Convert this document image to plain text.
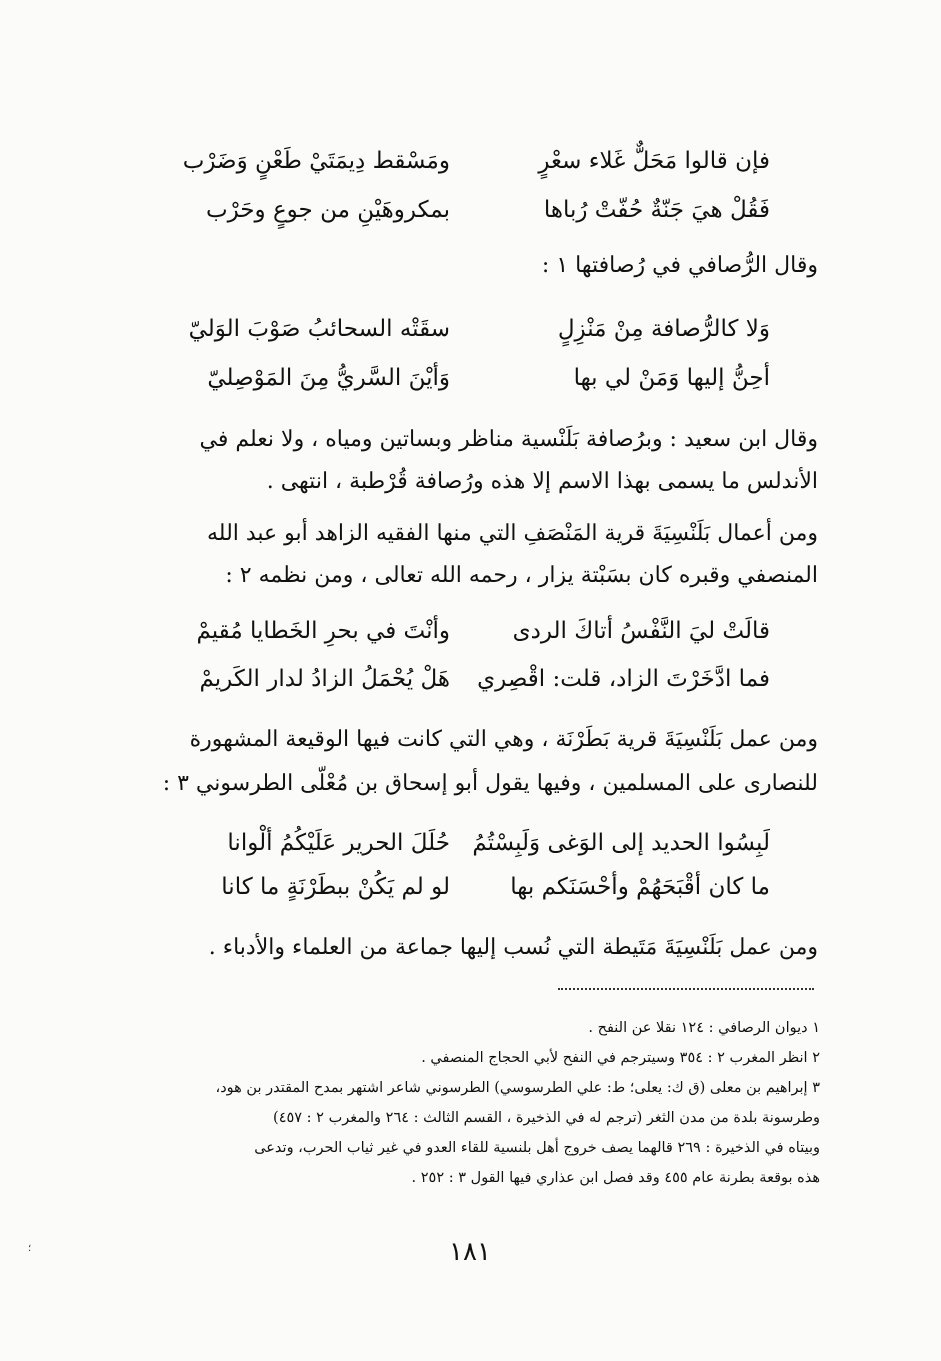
فإن قالوا مَحَلٌّ غَلاء سعْرٍ
ومَسْقط دِيمَتَيْ طَعْنٍ وَضَرْب
فَقُلْ هيَ جَنّةٌ حُفّتْ رُباها
بمكروهَيْنِ من جوعٍ وحَرْب
وقال الرُّصافي في رُصافتها ١ :
وَلا كالرُّصافة مِنْ مَنْزِلٍ
سقَتْه السحائبُ صَوْبَ الوَليّ
أحِنُّ إليها وَمَنْ لي بها
وَأيْنَ السَّريُّ مِنَ المَوْصِليّ
وقال ابن سعيد : وبرُصافة بَلَنْسية مناظر وبساتين ومياه ، ولا نعلم في
الأندلس ما يسمى بهذا الاسم إلا هذه ورُصافة قُرْطبة ، انتهى .
ومن أعمال بَلَنْسِيَةَ قرية المَنْصَفِ التي منها الفقيه الزاهد أبو عبد الله
المنصفي وقبره كان بسَبْتة يزار ، رحمه الله تعالى ، ومن نظمه ٢ :
قالَتْ ليَ النَّفْسُ أتاكَ الردى
وأنْتَ في بحرِ الخَطايا مُقيمْ
فما ادَّخَرْتَ الزاد، قلت: اقْصِري
هَلْ يُحْمَلُ الزادُ لدار الكَريمْ
ومن عمل بَلَنْسِيَةَ قرية بَطَرْنَة ، وهي التي كانت فيها الوقيعة المشهورة
للنصارى على المسلمين ، وفيها يقول أبو إسحاق بن مُعْلّى الطرسوني ٣ :
لَبِسُوا الحديد إلى الوَغى وَلَبِسْتُمُ
حُلَلَ الحرير عَلَيْكُمُ ألْوانا
ما كان أقْبَحَهُمْ وأحْسَنَكم بها
لو لم يَكُنْ ببطَرْنَةٍ ما كانا
ومن عمل بَلَنْسِيَةَ مَتَيطة التي نُسب إليها جماعة من العلماء والأدباء .
١ ديوان الرصافي : ١٢٤ نقلا عن النفح .
٢ انظر المغرب ٢ : ٣٥٤ وسيترجم في النفح لأبي الحجاج المنصفي .
٣ إبراهيم بن معلى (ق ك: يعلى؛ ط: علي الطرسوسي) الطرسوني شاعر اشتهر بمدح المقتدر بن هود،
وطرسونة بلدة من مدن الثغر (ترجم له في الذخيرة ، القسم الثالث : ٢٦٤ والمغرب ٢ : ٤٥٧)
وبيتاه في الذخيرة : ٢٦٩ قالهما يصف خروج أهل بلنسية للقاء العدو في غير ثياب الحرب، وتدعى
هذه بوقعة بطرنة عام ٤٥٥ وقد فصل ابن عذاري فيها القول ٣ : ٢٥٢ .
١٨١
؛
